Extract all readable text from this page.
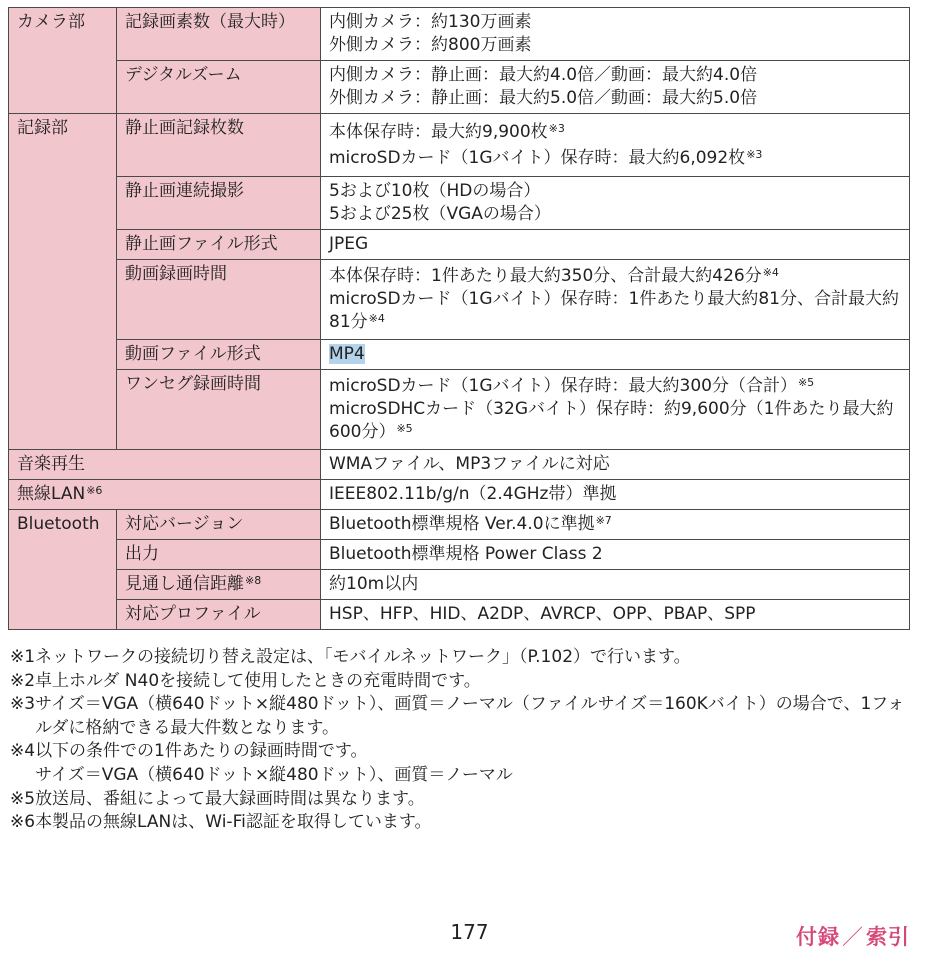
カメラ部	記録画素数（最大時）	内側カメラ：約130万画素
外側カメラ：約800万画素

	デジタルズーム	内側カメラ：静止画：最大約4.0倍／動画：最大約4.0倍
外側カメラ：静止画：最大約5.0倍／動画：最大約5.0倍

記録部	静止画記録枚数	本体保存時：最大約9,900枚$^{※3}$
microSDカード（1Gバイト）保存時：最大約6,092枚$^{※3}$

	静止画連続撮影	5および10枚（HDの場合）
5および25枚（VGAの場合）

	静止画ファイル形式	JPEG
	動画録画時間	本体保存時：1件あたり最大約350分、合計最大約426分$^{※4}$
microSDカード（1Gバイト）保存時：1件あたり最大約81分、合計最大約81分$^{※4}$

	動画ファイル形式	MP4
	ワンセグ録画時間	microSDカード（1Gバイト）保存時：最大約300分（合計）$^{※5}$
microSDHCカード（32Gバイト）保存時：約9,600分（1件あたり最大約600分）$^{※5}$

音楽再生		WMAファイル、MP3ファイルに対応
無線LAN$^{※6}$		IEEE802.11b/g/n（2.4GHz帯）準拠
Bluetooth	対応バージョン	Bluetooth標準規格 Ver.4.0に準拠$^{※7}$
	出力	Bluetooth標準規格 Power Class 2
	見通し通信距離$^{※8}$	約10m以内
	対応プロファイル	HSP、HFP、HID、A2DP、AVRCP、OPP、PBAP、SPP
※1 ネットワークの接続切り替え設定は、「モバイルネットワーク」（P.102）で行います。
※2 卓上ホルダ N40を接続して使用したときの充電時間です。
※3 サイズ＝VGA（横640ドット×縦480ドット）、画質＝ノーマル（ファイルサイズ＝160Kバイト）の場合で、1フォルダに格納できる最大件数となります。
※4 以下の条件での1件あたりの録画時間です。
サイズ＝VGA（横640ドット×縦480ドット）、画質＝ノーマル
※5 放送局、番組によって最大録画時間は異なります。
※6 本製品の無線LANは、Wi-Fi認証を取得しています。
177	付録／索引
